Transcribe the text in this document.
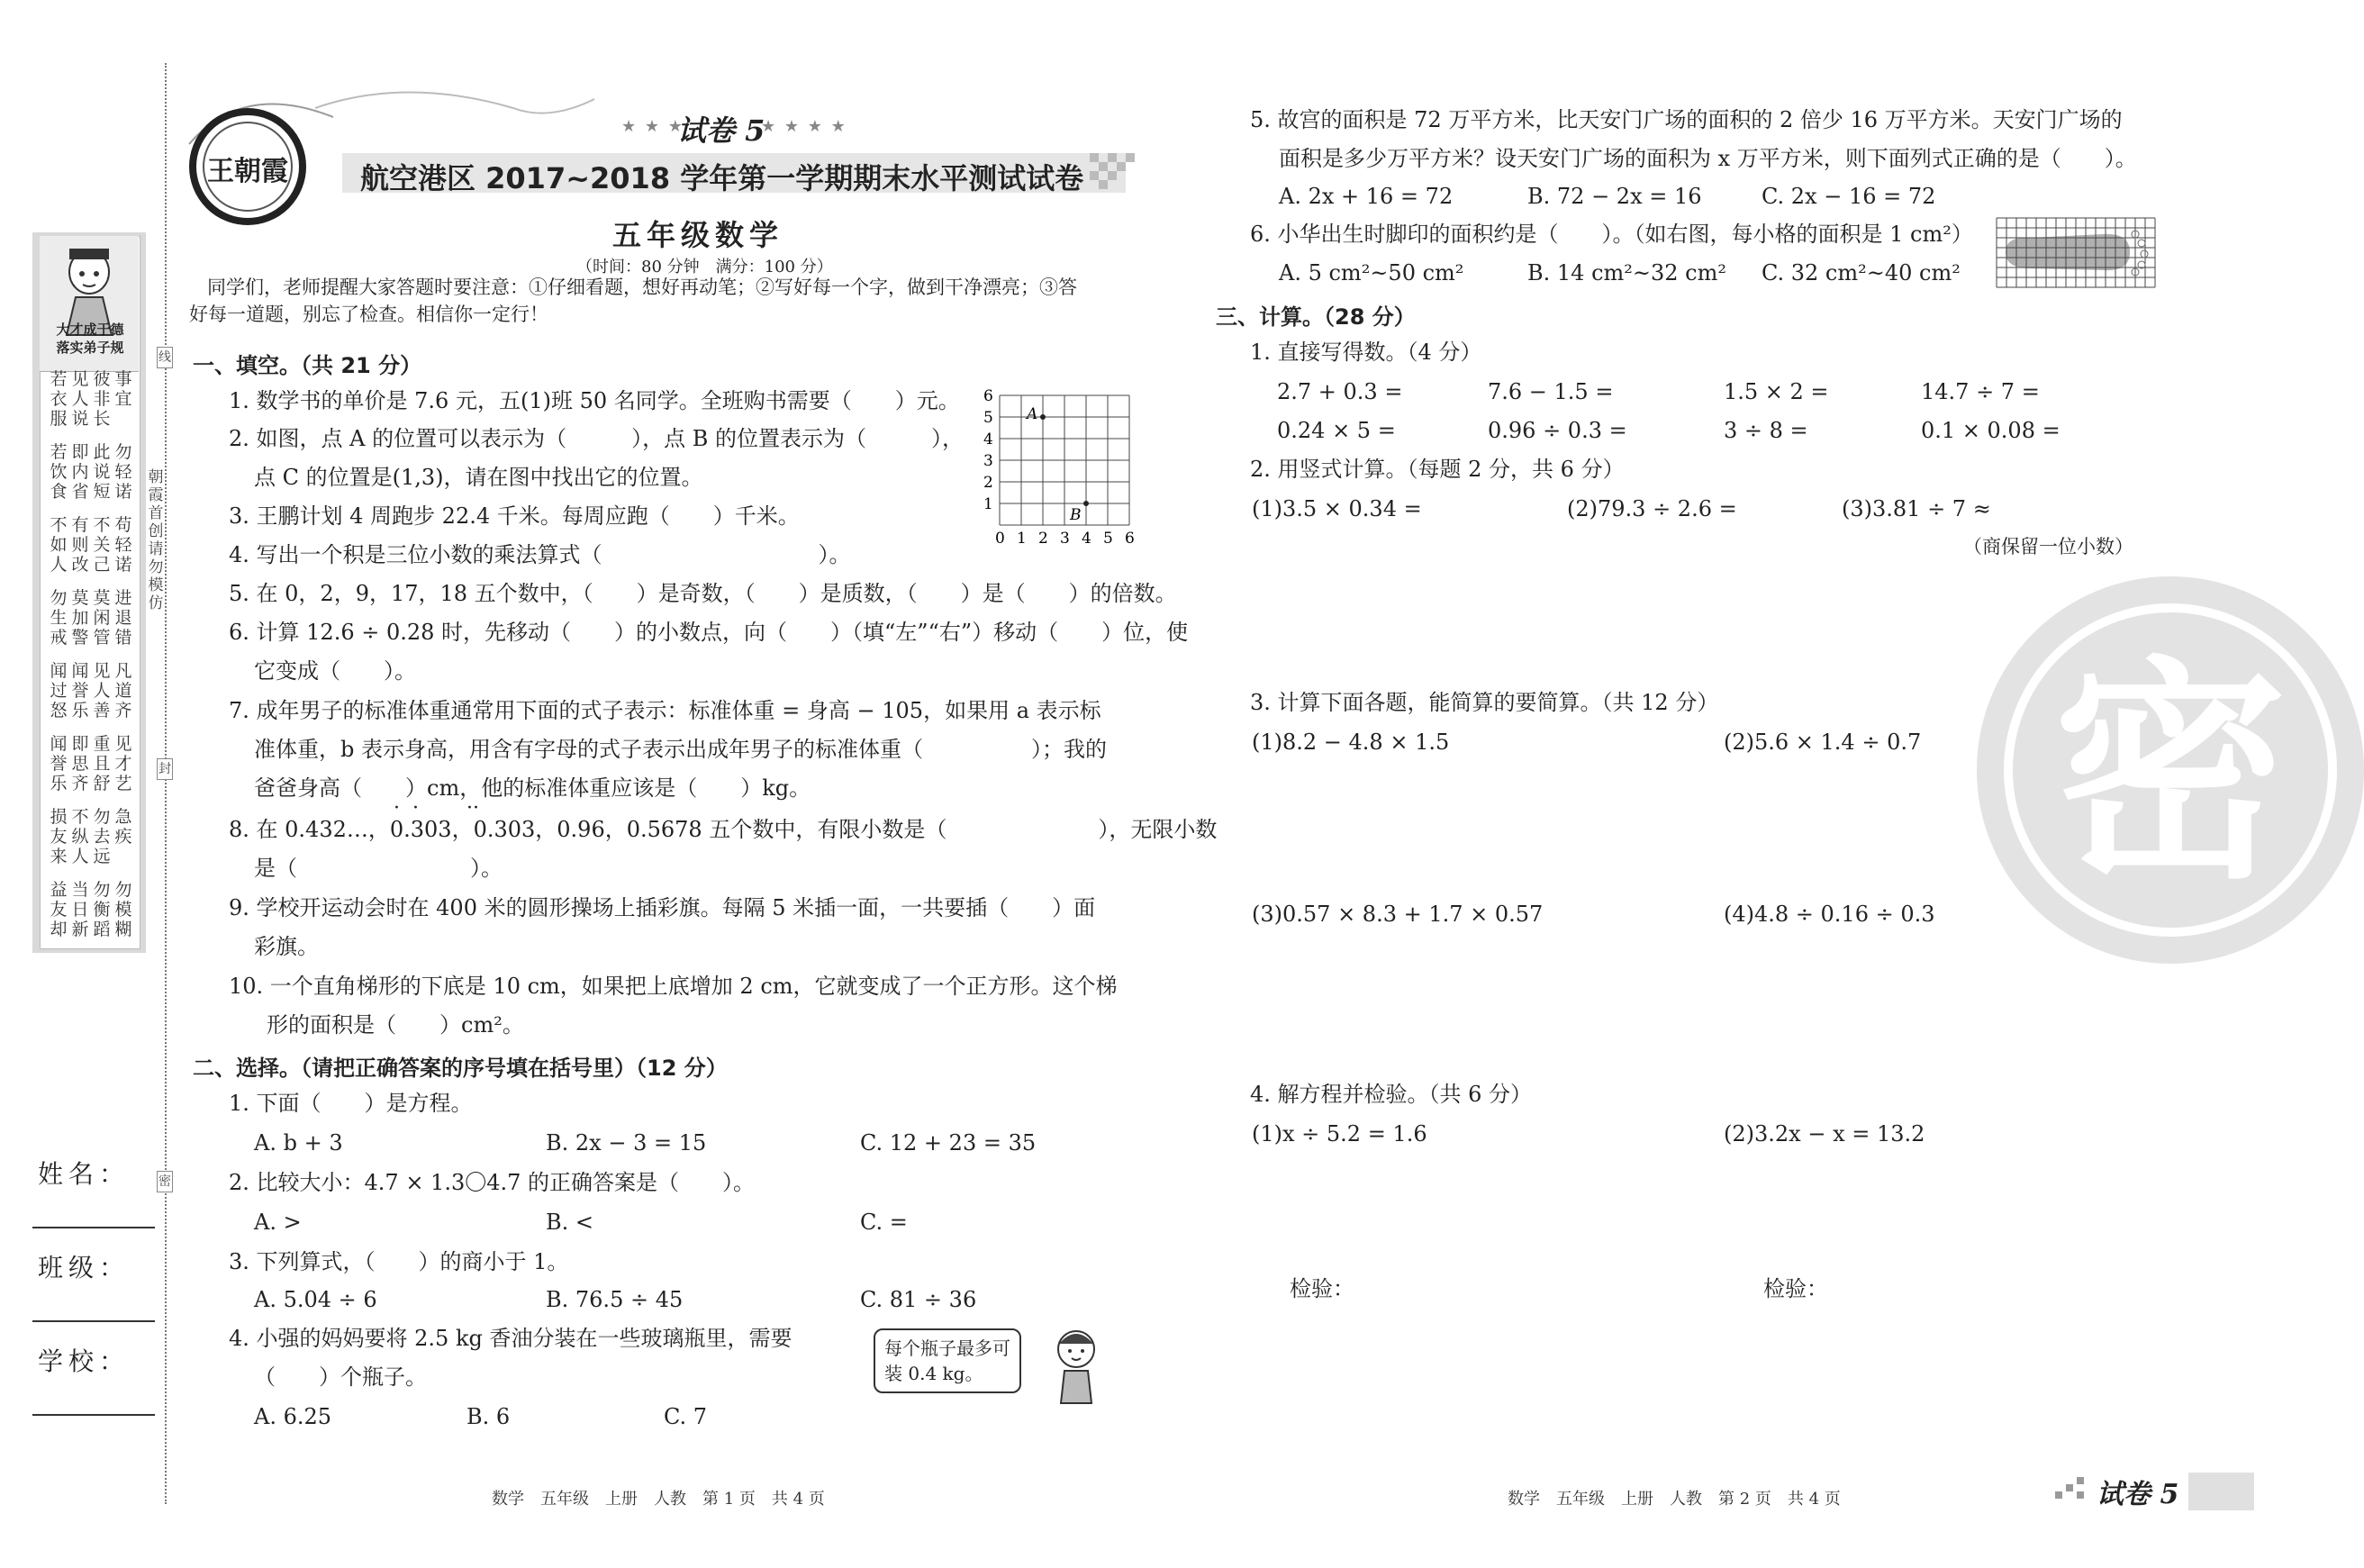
大才成于德
落实弟子规
若衣服
见人说
彼非长
事宜
若饮食
即内省
此说短
勿轻诺
不如人
有则改
不关己
苟轻诺
勿生戒
莫加警
莫闲管
进退错
闻过怒
闻誉乐
见人善
凡道齐
闻誉乐
即思齐
重且舒
见才艺
损友来
不纵人
勿去远
急疾
益友却
当日新
勿衡蹈
勿模糊
线
封
密
朝霞首创 请勿模仿
姓名：
班级：
学校：
王朝霞
★ ★ ★
试卷 5
★ ★ ★ ★
航空港区 2017~2018 学年第一学期期末水平测试试卷
五年级数学
（时间：80 分钟　满分：100 分）
同学们，老师提醒大家答题时要注意：①仔细看题，想好再动笔；②写好每一个字，做到干净漂亮；③答
好每一道题，别忘了检查。相信你一定行！
一、填空。（共 21 分）
1. 数学书的单价是 7.6 元，五(1)班 50 名同学。全班购书需要（　　）元。
2. 如图，点 A 的位置可以表示为（　　　），点 B 的位置表示为（　　　），
点 C 的位置是(1,3)，请在图中找出它的位置。
3. 王鹏计划 4 周跑步 22.4 千米。每周应跑（　　）千米。
4. 写出一个积是三位小数的乘法算式（　　　　　　　　　　）。
5. 在 0，2，9，17，18 五个数中，（　　）是奇数，（　　）是质数，（　　）是（　　）的倍数。
6. 计算 12.6 ÷ 0.28 时，先移动（　　）的小数点，向（　　）（填“左”“右”）移动（　　）位，使
它变成（　　）。
7. 成年男子的标准体重通常用下面的式子表示：标准体重 = 身高 − 105，如果用 a 表示标
准体重，b 表示身高，用含有字母的式子表示出成年男子的标准体重（　　　　　）；我的
爸爸身高（　　）cm，他的标准体重应该是（　　）kg。
·  · ··
8. 在 0.432…，0.303，0.303，0.96，0.5678 五个数中，有限小数是（　　　　　　　），无限小数
是（　　　　　　　　）。
9. 学校开运动会时在 400 米的圆形操场上插彩旗。每隔 5 米插一面，一共要插（　　）面
彩旗。
10. 一个直角梯形的下底是 10 cm，如果把上底增加 2 cm，它就变成了一个正方形。这个梯
形的面积是（　　）cm²。
0 1 2 3 4 5 6
6
5
4
3
2
1
A
B
二、选择。（请把正确答案的序号填在括号里）（12 分）
1. 下面（　　）是方程。
A. b + 3	B. 2x − 3 = 15	C. 12 + 23 = 35
2. 比较大小：4.7 × 1.3〇4.7 的正确答案是（　　）。
A. >	B. <	C. =
3. 下列算式，（　　）的商小于 1。
A. 5.04 ÷ 6	B. 76.5 ÷ 45	C. 81 ÷ 36
4. 小强的妈妈要将 2.5 kg 香油分装在一些玻璃瓶里，需要
（　　）个瓶子。
A. 6.25	B. 6	C. 7
每个瓶子最多可
装 0.4 kg。
5. 故宫的面积是 72 万平方米，比天安门广场的面积的 2 倍少 16 万平方米。天安门广场的
面积是多少万平方米？设天安门广场的面积为 x 万平方米，则下面列式正确的是（　　）。
A. 2x + 16 = 72	B. 72 − 2x = 16	C. 2x − 16 = 72
6. 小华出生时脚印的面积约是（　　）。（如右图，每小格的面积是 1 cm²）
A. 5 cm²~50 cm²	B. 14 cm²~32 cm² C. 32 cm²~40 cm²
三、计算。（28 分）
1. 直接写得数。（4 分）
2.7 + 0.3 =	7.6 − 1.5 =	1.5 × 2 =	14.7 ÷ 7 =
0.24 × 5 =	0.96 ÷ 0.3 =	3 ÷ 8 =	0.1 × 0.08 =
2. 用竖式计算。（每题 2 分，共 6 分）
(1)3.5 × 0.34 =	(2)79.3 ÷ 2.6 =	(3)3.81 ÷ 7 ≈
（商保留一位小数）
密
3. 计算下面各题，能简算的要简算。（共 12 分）
(1)8.2 − 4.8 × 1.5	(2)5.6 × 1.4 ÷ 0.7
(3)0.57 × 8.3 + 1.7 × 0.57	(4)4.8 ÷ 0.16 ÷ 0.3
4. 解方程并检验。（共 6 分）
(1)x ÷ 5.2 = 1.6	(2)3.2x − x = 13.2
检验：	检验：
数学　五年级　上册　人教　第 1 页　共 4 页	数学　五年级　上册　人教　第 2 页　共 4 页	试卷 5
